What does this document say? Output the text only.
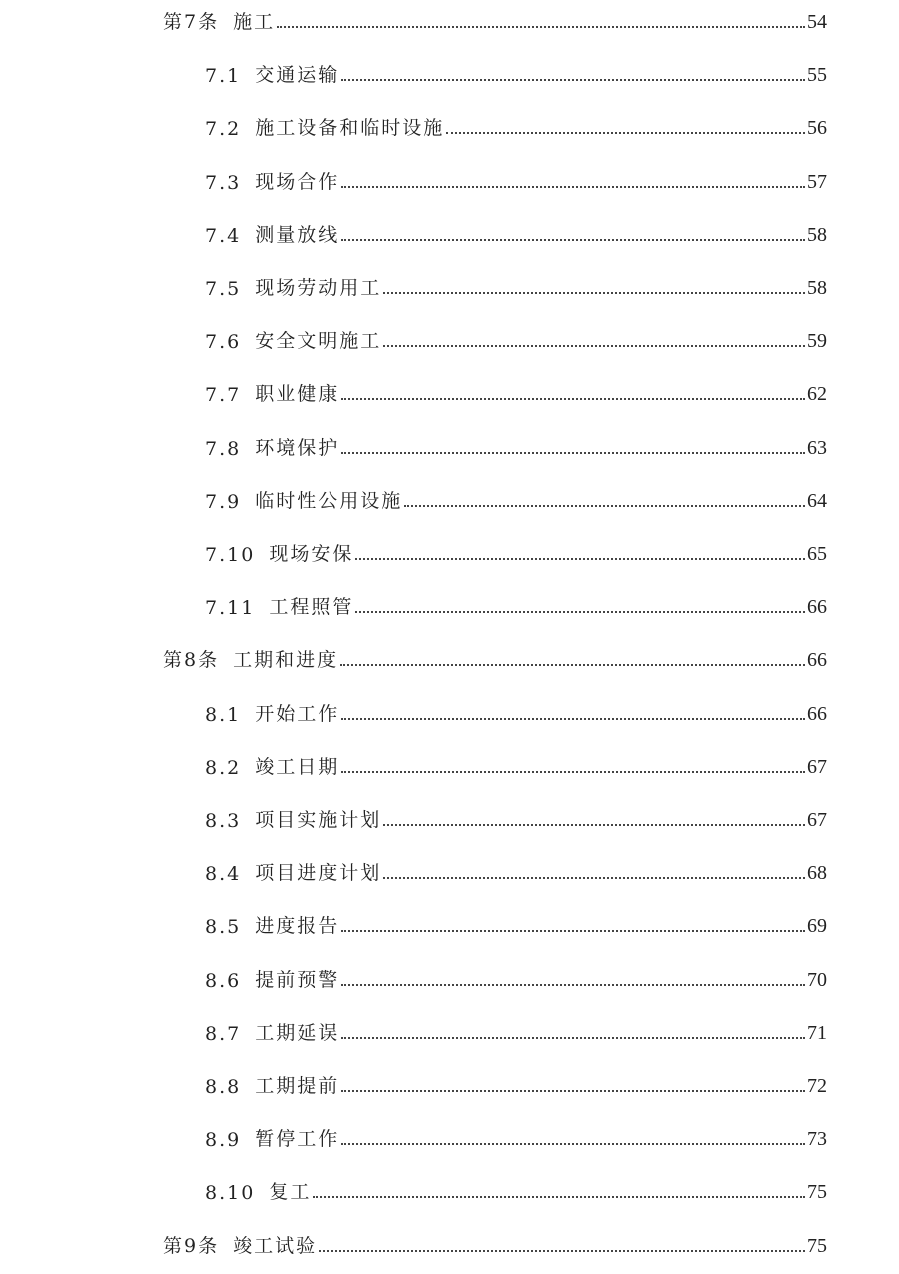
第7条 施工	54
7.1 交通运输	55
7.2 施工设备和临时设施	56
7.3 现场合作	57
7.4 测量放线	58
7.5 现场劳动用工	58
7.6 安全文明施工	59
7.7 职业健康	62
7.8 环境保护	63
7.9 临时性公用设施	64
7.10 现场安保	65
7.11 工程照管	66
第8条 工期和进度	66
8.1 开始工作	66
8.2 竣工日期	67
8.3 项目实施计划	67
8.4 项目进度计划	68
8.5 进度报告	69
8.6 提前预警	70
8.7 工期延误	71
8.8 工期提前	72
8.9 暂停工作	73
8.10 复工	75
第9条 竣工试验	75
